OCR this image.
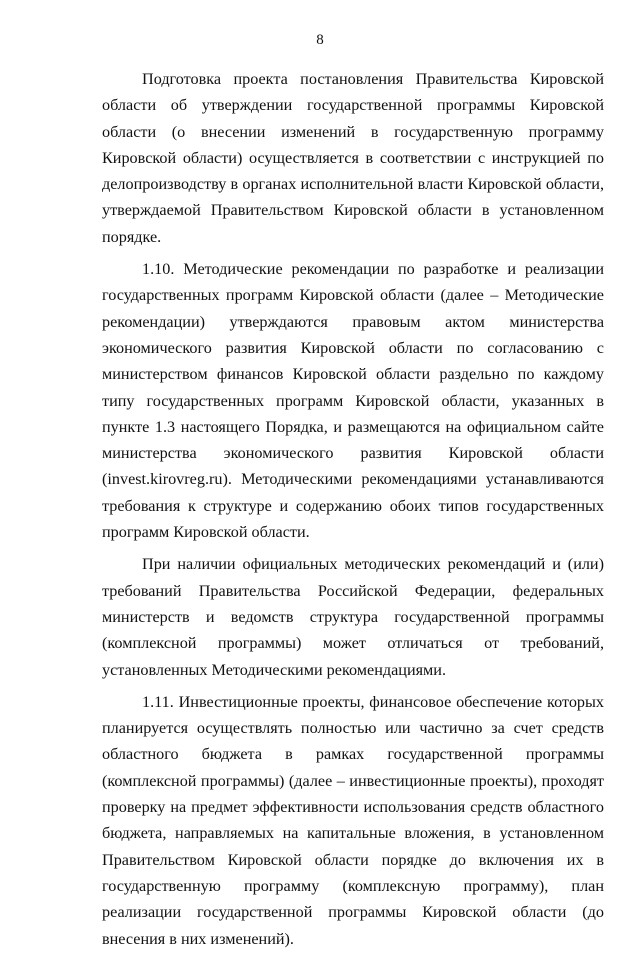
8

Подготовка проекта постановления Правительства Кировской области об утверждении государственной программы Кировской области (о внесении изменений в государственную программу Кировской области) осуществляется в соответствии с инструкцией по делопроизводству в органах исполнительной власти Кировской области, утверждаемой Правительством Кировской области в установленном порядке.

1.10. Методические рекомендации по разработке и реализации государственных программ Кировской области (далее – Методические рекомендации) утверждаются правовым актом министерства экономического развития Кировской области по согласованию с министерством финансов Кировской области раздельно по каждому типу государственных программ Кировской области, указанных в пункте 1.3 настоящего Порядка, и размещаются на официальном сайте министерства экономического развития Кировской области (invest.kirovreg.ru). Методическими рекомендациями устанавливаются требования к структуре и содержанию обоих типов государственных программ Кировской области.

При наличии официальных методических рекомендаций и (или) требований Правительства Российской Федерации, федеральных министерств и ведомств структура государственной программы (комплексной программы) может отличаться от требований, установленных Методическими рекомендациями.

1.11. Инвестиционные проекты, финансовое обеспечение которых планируется осуществлять полностью или частично за счет средств областного бюджета в рамках государственной программы (комплексной программы) (далее – инвестиционные проекты), проходят проверку на предмет эффективности использования средств областного бюджета, направляемых на капитальные вложения, в установленном Правительством Кировской области порядке до включения их в государственную программу (комплексную программу), план реализации государственной программы Кировской области (до внесения в них изменений).
